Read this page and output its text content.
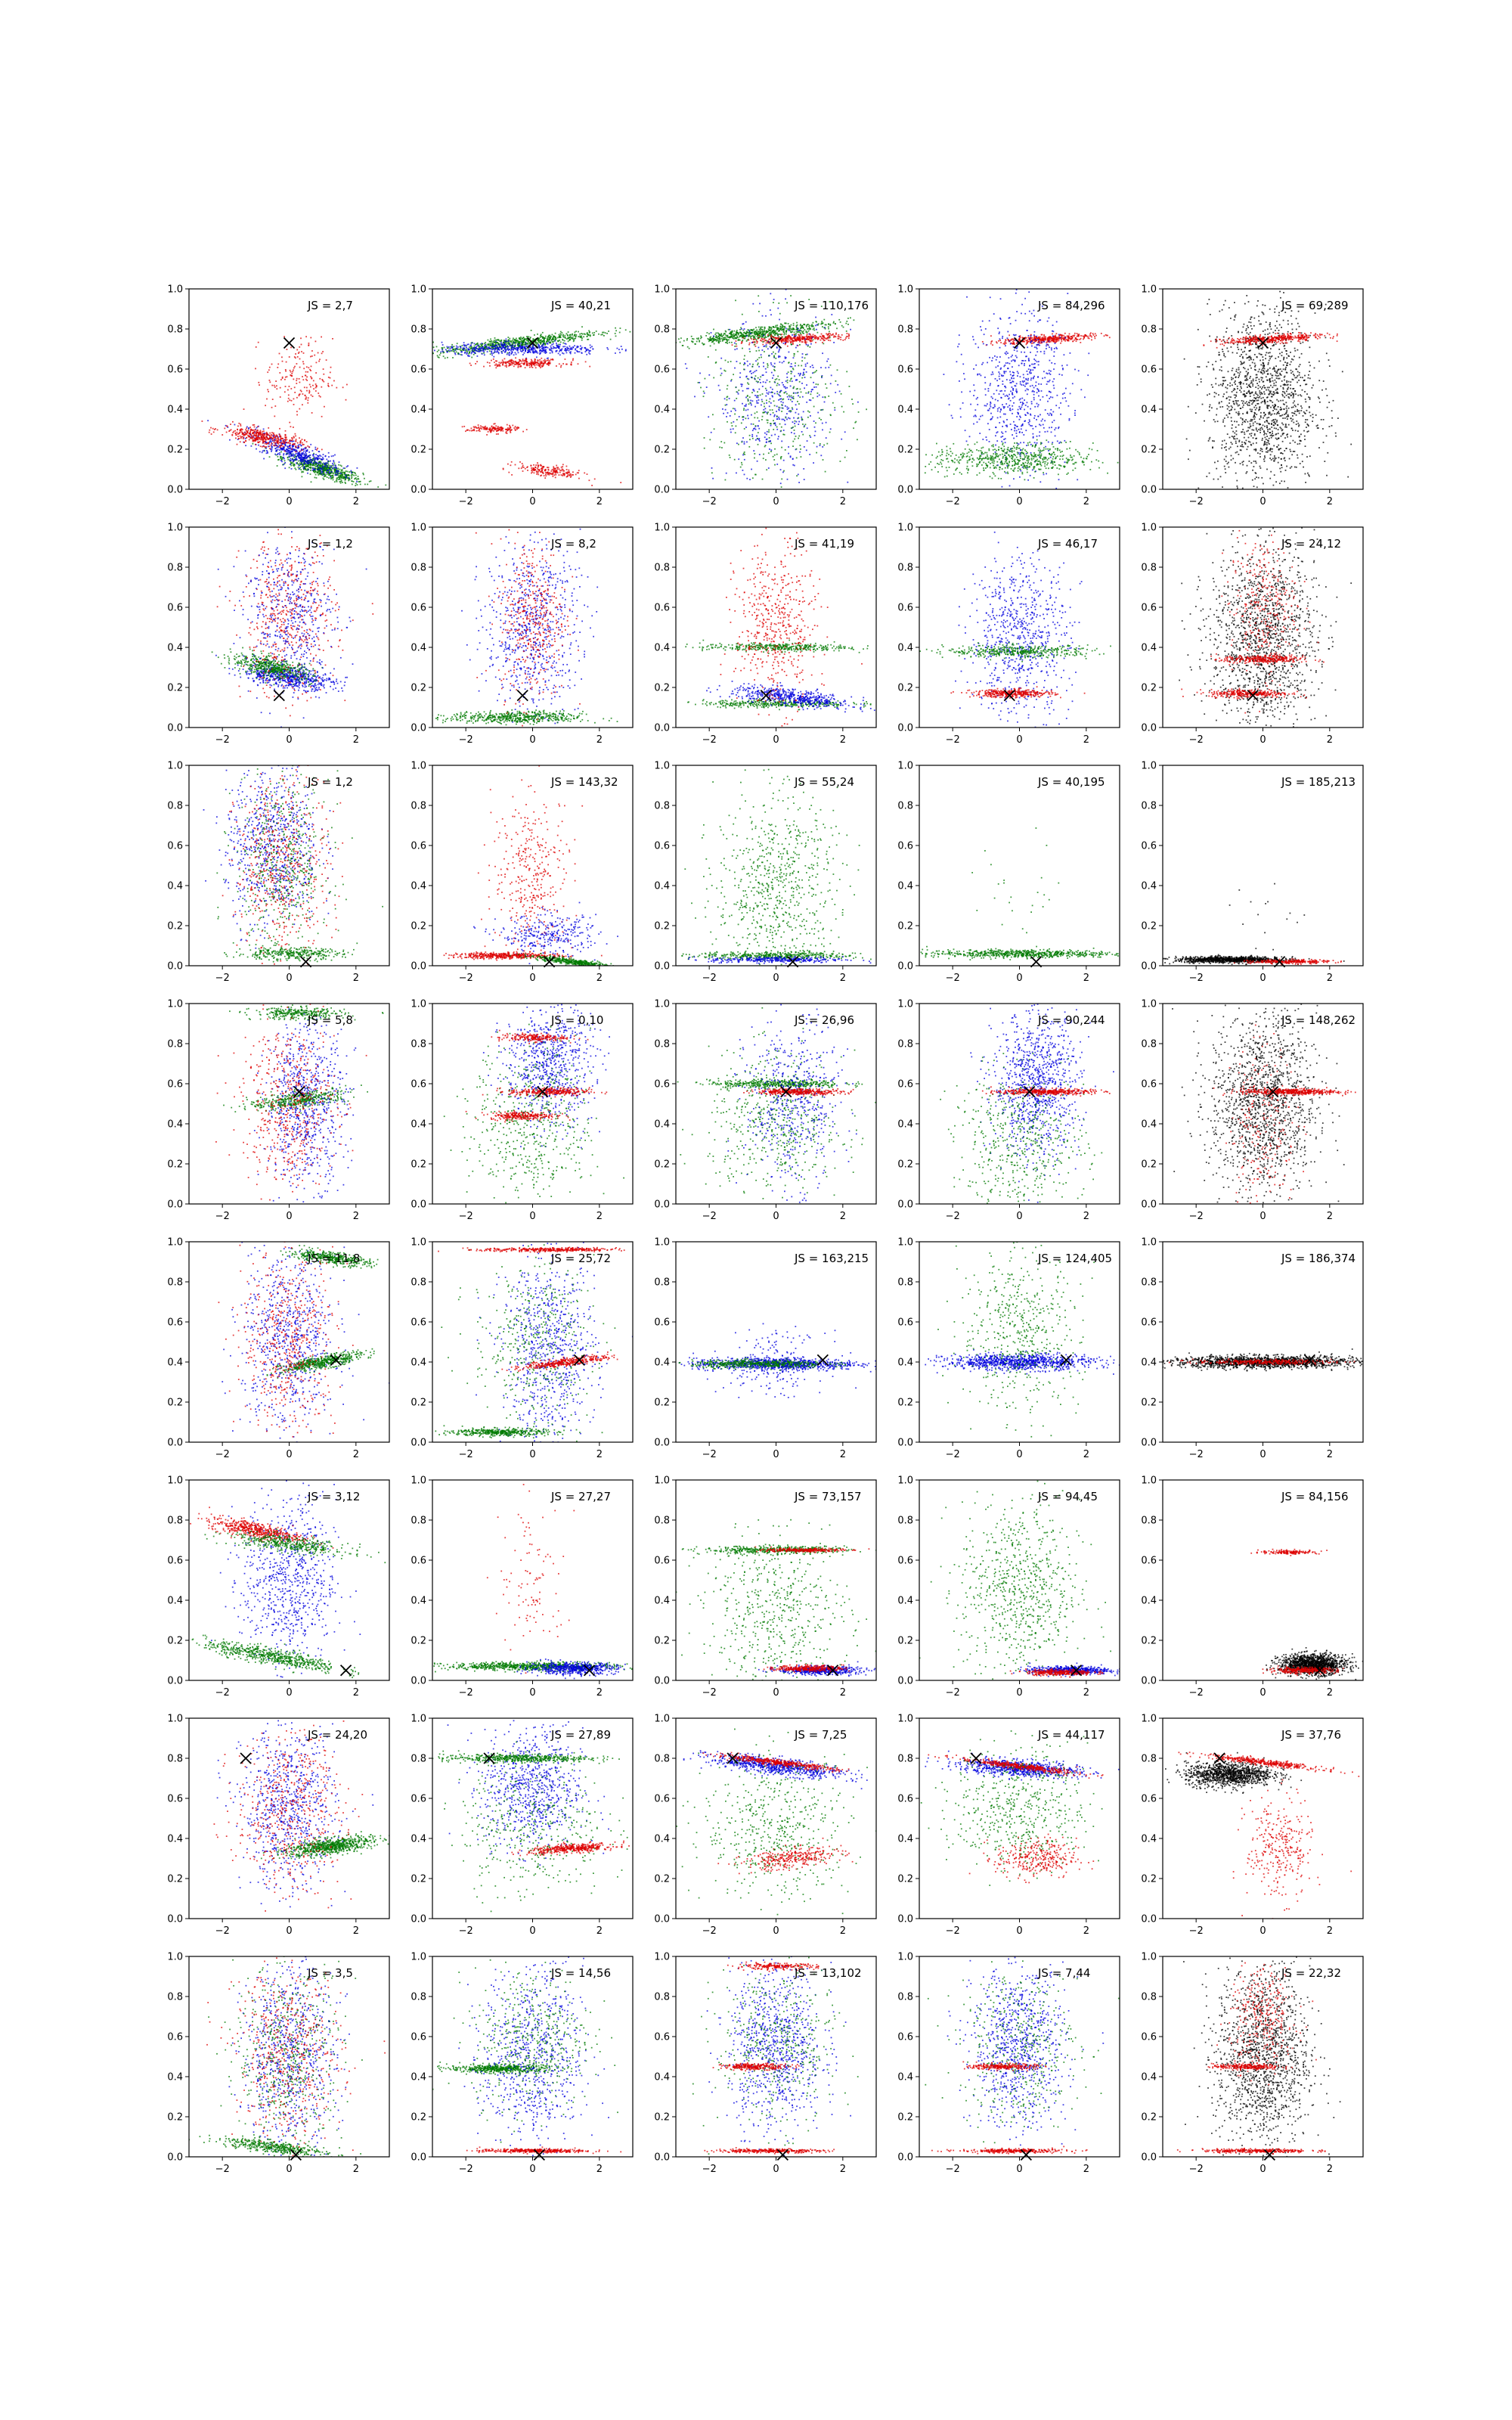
−2	0	2
0.0
0.2
0.4
0.6
0.8
1.0
JS = 2,7
−2	0	2
0.0
0.2
0.4
0.6
0.8
1.0
JS = 40,21
−2	0	2
0.0
0.2
0.4
0.6
0.8
1.0
JS = 110,176
−2	0	2
0.0
0.2
0.4
0.6
0.8
1.0
JS = 84,296
−2	0	2
0.0
0.2
0.4
0.6
0.8
1.0
JS = 69,289
−2	0	2
0.0
0.2
0.4
0.6
0.8
1.0
JS = 1,2
−2	0	2
0.0
0.2
0.4
0.6
0.8
1.0
JS = 8,2
−2	0	2
0.0
0.2
0.4
0.6
0.8
1.0
JS = 41,19
−2	0	2
0.0
0.2
0.4
0.6
0.8
1.0
JS = 46,17
−2	0	2
0.0
0.2
0.4
0.6
0.8
1.0
JS = 24,12
−2	0	2
0.0
0.2
0.4
0.6
0.8
1.0
JS = 1,2
−2	0	2
0.0
0.2
0.4
0.6
0.8
1.0
JS = 143,32
−2	0	2
0.0
0.2
0.4
0.6
0.8
1.0
JS = 55,24
−2	0	2
0.0
0.2
0.4
0.6
0.8
1.0
JS = 40,195
−2	0	2
0.0
0.2
0.4
0.6
0.8
1.0
JS = 185,213
−2	0	2
0.0
0.2
0.4
0.6
0.8
1.0
JS = 5,8
−2	0	2
0.0
0.2
0.4
0.6
0.8
1.0
JS = 0,10
−2	0	2
0.0
0.2
0.4
0.6
0.8
1.0
JS = 26,96
−2	0	2
0.0
0.2
0.4
0.6
0.8
1.0
JS = 90,244
−2	0	2
0.0
0.2
0.4
0.6
0.8
1.0
JS = 148,262
−2	0	2
0.0
0.2
0.4
0.6
0.8
1.0
JS = 11,8
−2	0	2
0.0
0.2
0.4
0.6
0.8
1.0
JS = 25,72
−2	0	2
0.0
0.2
0.4
0.6
0.8
1.0
JS = 163,215
−2	0	2
0.0
0.2
0.4
0.6
0.8
1.0
JS = 124,405
−2	0	2
0.0
0.2
0.4
0.6
0.8
1.0
JS = 186,374
−2	0	2
0.0
0.2
0.4
0.6
0.8
1.0
JS = 3,12
−2	0	2
0.0
0.2
0.4
0.6
0.8
1.0
JS = 27,27
−2	0	2
0.0
0.2
0.4
0.6
0.8
1.0
JS = 73,157
−2	0	2
0.0
0.2
0.4
0.6
0.8
1.0
JS = 94,45
−2	0	2
0.0
0.2
0.4
0.6
0.8
1.0
JS = 84,156
−2	0	2
0.0
0.2
0.4
0.6
0.8
1.0
JS = 24,20
−2	0	2
0.0
0.2
0.4
0.6
0.8
1.0
JS = 27,89
−2	0	2
0.0
0.2
0.4
0.6
0.8
1.0
JS = 7,25
−2	0	2
0.0
0.2
0.4
0.6
0.8
1.0
JS = 44,117
−2	0	2
0.0
0.2
0.4
0.6
0.8
1.0
JS = 37,76
−2	0	2
0.0
0.2
0.4
0.6
0.8
1.0
JS = 3,5
−2	0	2
0.0
0.2
0.4
0.6
0.8
1.0
JS = 14,56
−2	0	2
0.0
0.2
0.4
0.6
0.8
1.0
JS = 13,102
−2	0	2
0.0
0.2
0.4
0.6
0.8
1.0
JS = 7,44
−2	0	2
0.0
0.2
0.4
0.6
0.8
1.0
JS = 22,32
